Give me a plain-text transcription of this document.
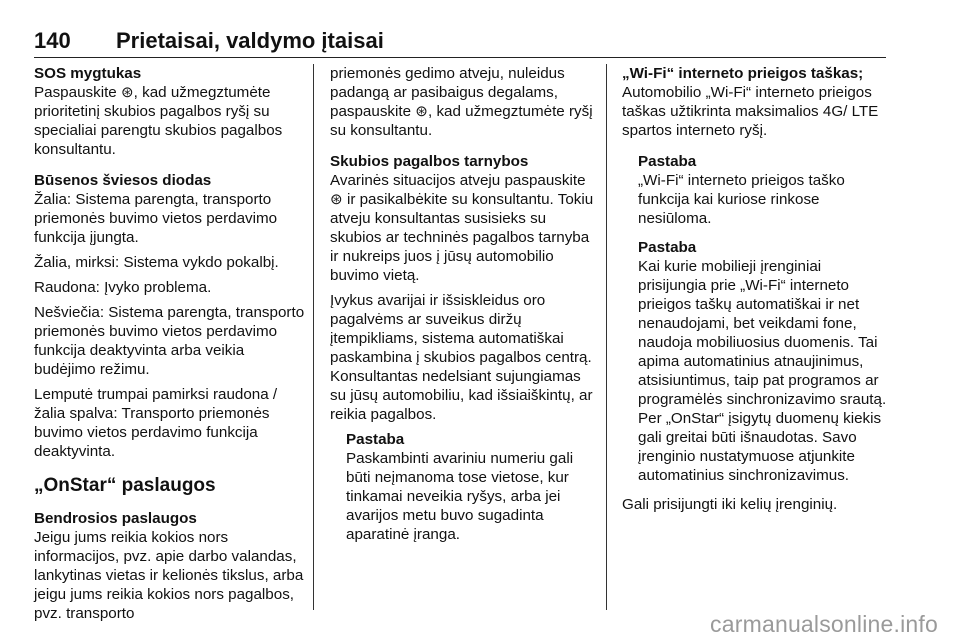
140 Prietaisai, valdymo įtaisai

SOS mygtukas

Paspauskite ⊛, kad užmegztumėte prioritetinį skubios pagalbos ryšį su specialiai parengtu skubios pagalbos konsultantu.

Būsenos šviesos diodas

Žalia: Sistema parengta, transporto priemonės buvimo vietos perdavimo funkcija įjungta.

Žalia, mirksi: Sistema vykdo pokalbį.

Raudona: Įvyko problema.

Nešviečia: Sistema parengta, transporto priemonės buvimo vietos perdavimo funkcija deaktyvinta arba veikia budėjimo režimu.

Lemputė trumpai pamirksi raudona / žalia spalva: Transporto priemonės buvimo vietos perdavimo funkcija deaktyvinta.

„OnStar“ paslaugos

Bendrosios paslaugos

Jeigu jums reikia kokios nors informacijos, pvz. apie darbo valandas, lankytinas vietas ir kelionės tikslus, arba jeigu jums reikia kokios nors pagalbos, pvz. transporto

priemonės gedimo atveju, nuleidus padangą ar pasibaigus degalams, paspauskite ⊛, kad užmegztumėte ryšį su konsultantu.

Skubios pagalbos tarnybos

Avarinės situacijos atveju paspauskite ⊛ ir pasikalbėkite su konsultantu. Tokiu atveju konsultantas susisieks su skubios ar techninės pagalbos tarnyba ir nukreips juos į jūsų automobilio buvimo vietą.

Įvykus avarijai ir išsiskleidus oro pagalvėms ar suveikus diržų įtempikliams, sistema automatiškai paskambina į skubios pagalbos centrą. Konsultantas nedelsiant sujungiamas su jūsų automobiliu, kad išsiaiškintų, ar reikia pagalbos.

Pastaba

Paskambinti avariniu numeriu gali būti neįmanoma tose vietose, kur tinkamai neveikia ryšys, arba jei avarijos metu buvo sugadinta aparatinė įranga.

„Wi-Fi“ interneto prieigos taškas;

Automobilio „Wi-Fi“ interneto prieigos taškas užtikrinta maksimalios 4G/ LTE spartos interneto ryšį.

Pastaba

„Wi-Fi“ interneto prieigos taško funkcija kai kuriose rinkose nesiūloma.

Pastaba

Kai kurie mobilieji įrenginiai prisijungia prie „Wi-Fi“ interneto prieigos taškų automatiškai ir net nenaudojami, bet veikdami fone, naudoja mobiliuosius duomenis. Tai apima automatinius atnaujinimus, atsisiuntimus, taip pat programos ar programėlės sinchronizavimo srautą. Per „OnStar“ įsigytų duomenų kiekis gali greitai būti išnaudotas. Savo įrenginio nustatymuose atjunkite automatinius sinchronizavimus.

Gali prisijungti iki kelių įrenginių.

carmanualsonline.info
